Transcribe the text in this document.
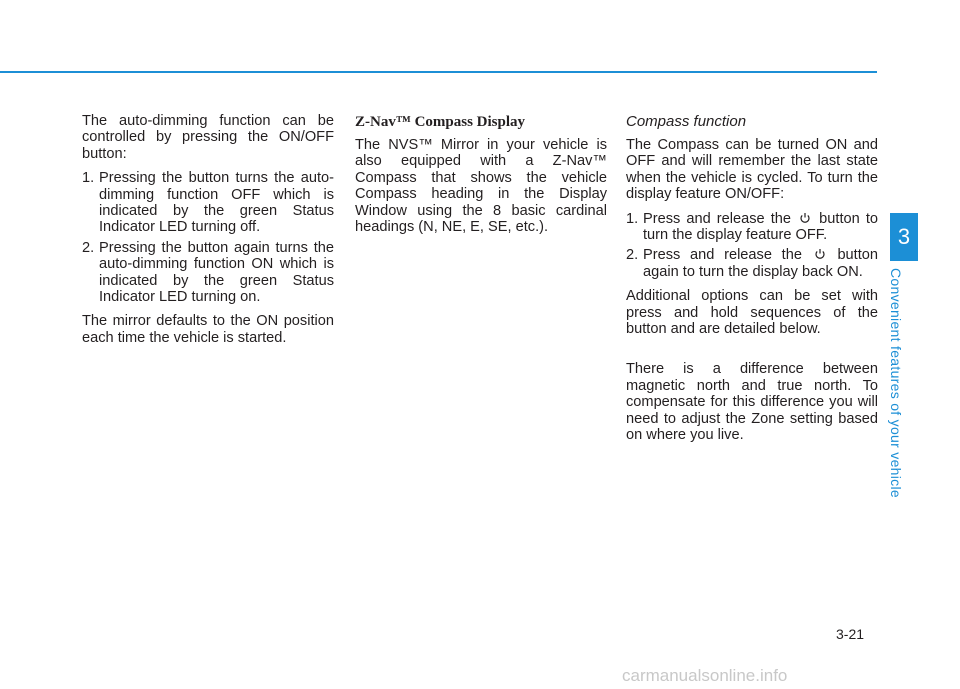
The auto-dimming function can be controlled by pressing the ON/OFF button:

1. Pressing the button turns the auto-dimming function OFF which is indicated by the green Status Indicator LED turning off.
2. Pressing the button again turns the auto-dimming function ON which is indicated by the green Status Indicator LED turning on.

The mirror defaults to the ON position each time the vehicle is started.

Z-Nav™ Compass Display

The NVS™ Mirror in your vehicle is also equipped with a Z-Nav™ Compass that shows the vehicle Compass heading in the Display Window using the 8 basic cardinal headings (N, NE, E, SE, etc.).

Compass function

The Compass can be turned ON and OFF and will remember the last state when the vehicle is cycled. To turn the display feature ON/OFF:

1. Press and release the button to turn the display feature OFF.
2. Press and release the button again to turn the display back ON.

Additional options can be set with press and hold sequences of the button and are detailed below.

There is a difference between magnetic north and true north. To compensate for this difference you will need to adjust the Zone setting based on where you live.

3
Convenient features of your vehicle
3-21
carmanualsonline.info
